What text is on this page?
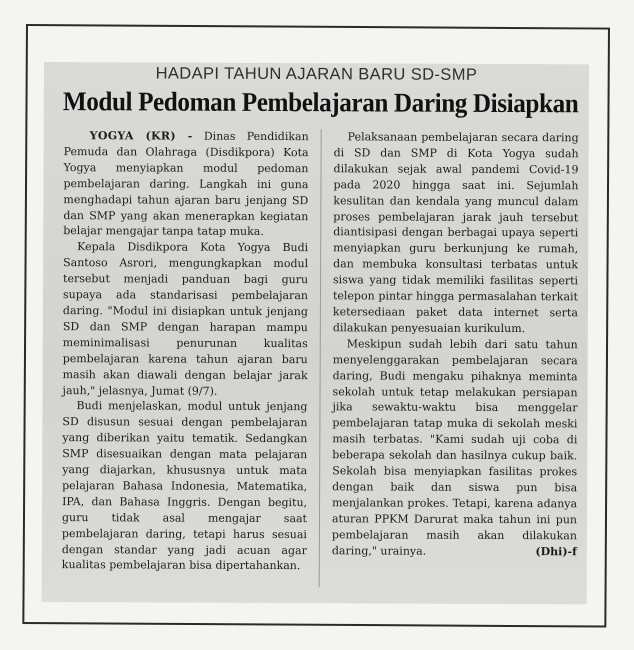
HADAPI TAHUN AJARAN BARU SD-SMP
Modul Pedoman Pembelajaran Daring Disiapkan

YOGYA (KR) - Dinas Pendidikan Pemuda dan Olahraga (Disdikpora) Kota Yogya menyiapkan modul pedoman pembelajaran daring. Langkah ini guna menghadapi tahun ajaran baru jenjang SD dan SMP yang akan menerapkan kegiatan belajar mengajar tanpa tatap muka.

Kepala Disdikpora Kota Yogya Budi Santoso Asrori, mengungkapkan modul tersebut menjadi panduan bagi guru supaya ada standarisasi pembelajaran daring. "Modul ini disiapkan untuk jenjang SD dan SMP dengan harapan mampu meminimalisasi penurunan kualitas pembelajaran karena tahun ajaran baru masih akan diawali dengan belajar jarak jauh," jelasnya, Jumat (9/7).

Budi menjelaskan, modul untuk jenjang SD disusun sesuai dengan pembelajaran yang diberikan yaitu tematik. Sedangkan SMP disesuaikan dengan mata pelajaran yang diajarkan, khususnya untuk mata pelajaran Bahasa Indonesia, Matematika, IPA, dan Bahasa Inggris. Dengan begitu, guru tidak asal mengajar saat pembelajaran daring, tetapi harus sesuai dengan standar yang jadi acuan agar kualitas pembelajaran bisa dipertahankan.

Pelaksanaan pembelajaran secara daring di SD dan SMP di Kota Yogya sudah dilakukan sejak awal pandemi Covid-19 pada 2020 hingga saat ini. Sejumlah kesulitan dan kendala yang muncul dalam proses pembelajaran jarak jauh tersebut diantisipasi dengan berbagai upaya seperti menyiapkan guru berkunjung ke rumah, dan membuka konsultasi terbatas untuk siswa yang tidak memiliki fasilitas seperti telepon pintar hingga permasalahan terkait ketersediaan paket data internet serta dilakukan penyesuaian kurikulum.

Meskipun sudah lebih dari satu tahun menyelenggarakan pembelajaran secara daring, Budi mengaku pihaknya meminta sekolah untuk tetap melakukan persiapan jika sewaktu-waktu bisa menggelar pembelajaran tatap muka di sekolah meski masih terbatas. "Kami sudah uji coba di beberapa sekolah dan hasilnya cukup baik. Sekolah bisa menyiapkan fasilitas prokes dengan baik dan siswa pun bisa menjalankan prokes. Tetapi, karena adanya aturan PPKM Darurat maka tahun ini pun pembelajaran masih akan dilakukan daring," urainya.	(Dhi)-f
